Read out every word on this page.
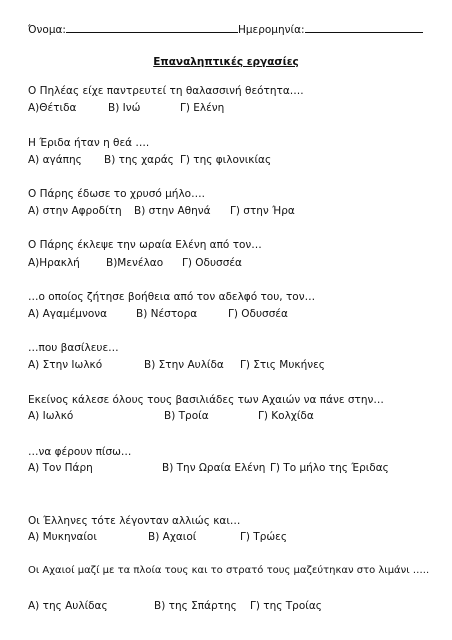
Όνομα:	Ημερομηνία:
Επαναληπτικές εργασίες
Ο Πηλέας είχε παντρευτεί τη θαλασσινή θεότητα….
Α)Θέτιδα	Β) Ινώ	Γ) Ελένη
Η Έριδα ήταν η θεά ….
Α) αγάπης Β) της χαράς Γ) της φιλονικίας
Ο Πάρης έδωσε το χρυσό μήλο….
Α) στην Αφροδίτη Β) στην Αθηνά Γ) στην Ήρα
Ο Πάρης έκλεψε την ωραία Ελένη από τον…
Α)Ηρακλή Β)Μενέλαο Γ) Οδυσσέα
…ο οποίος ζήτησε βοήθεια από τον αδελφό του, τον…
Α) Αγαμέμνονα	Β) Νέστορα	Γ) Οδυσσέα
…που βασίλευε…
Α) Στην Ιωλκό	Β) Στην Αυλίδα Γ) Στις Μυκήνες
Εκείνος κάλεσε όλους τους βασιλιάδες των Αχαιών να πάνε στην…
Α) Ιωλκό	Β) Τροία	Γ) Κολχίδα
…να φέρουν πίσω…
Α) Τον Πάρη	Β) Την Ωραία Ελένη Γ) Το μήλο της Έριδας
Οι Έλληνες τότε λέγονταν αλλιώς και…
Α) Μυκηναίοι	Β) Αχαιοί	Γ) Τρώες
Οι Αχαιοί μαζί με τα πλοία τους και το στρατό τους μαζεύτηκαν στο λιμάνι …..
Α) της Αυλίδας	Β) της Σπάρτης Γ) της Τροίας
